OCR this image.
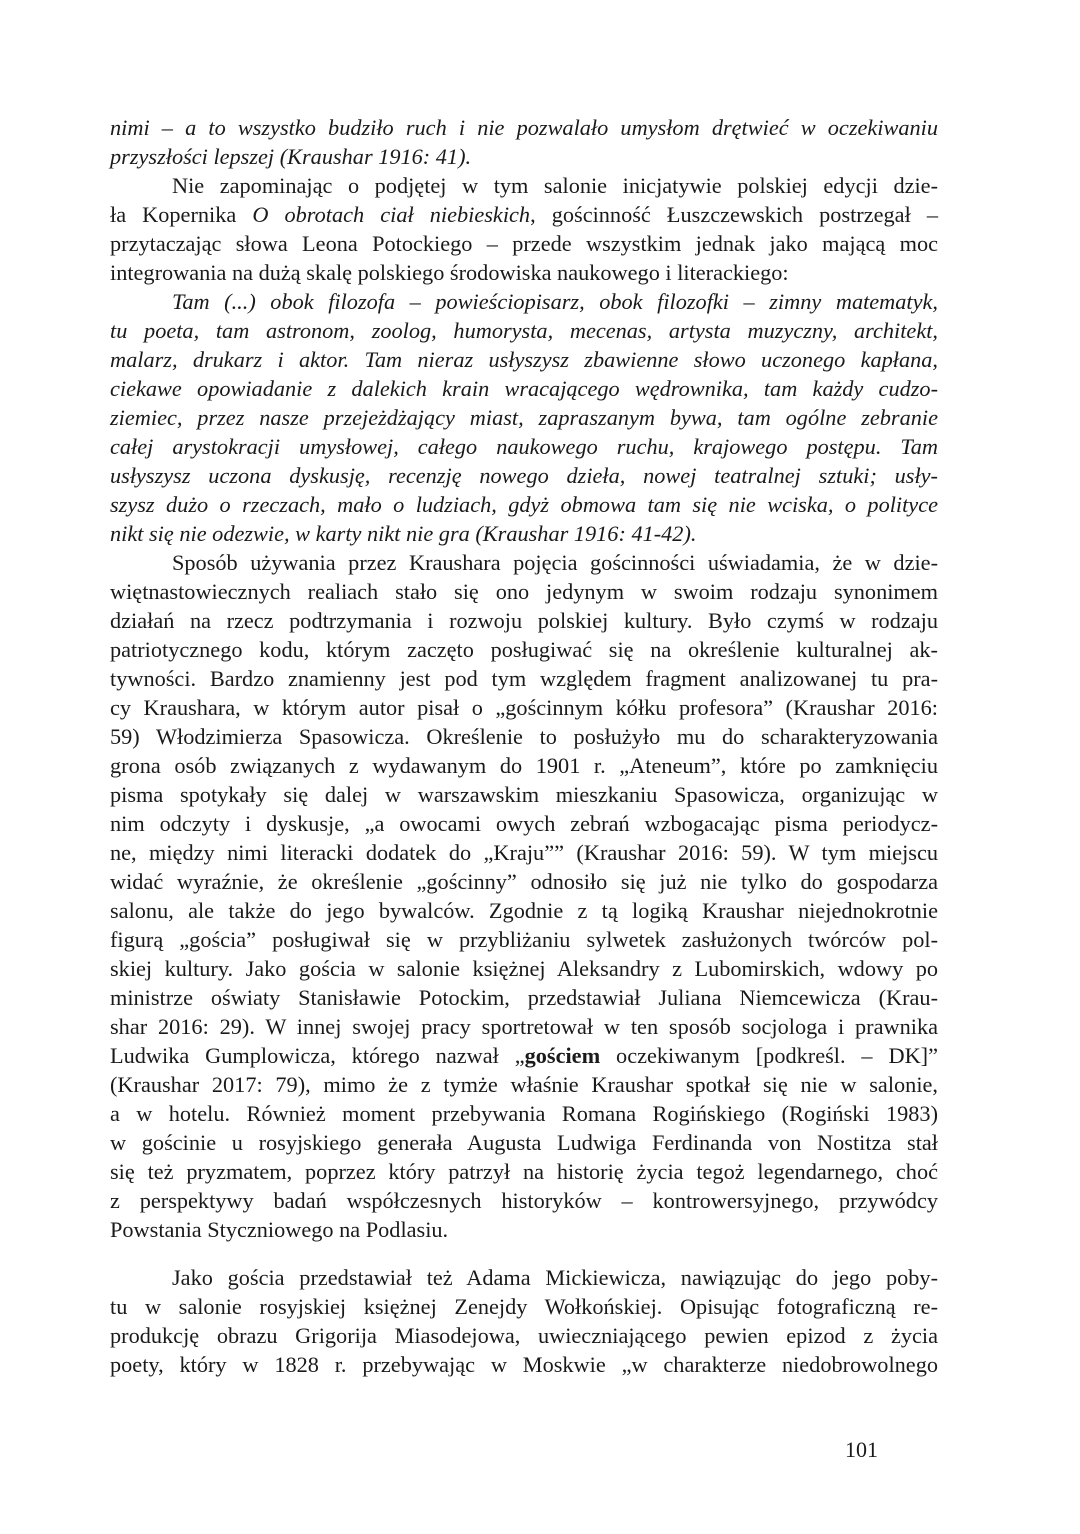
nimi – a to wszystko budziło ruch i nie pozwalało umysłom drętwieć w oczekiwaniu
przyszłości lepszej (Kraushar 1916: 41).
Nie zapominając o podjętej w tym salonie inicjatywie polskiej edycji dzie-
ła Kopernika O obrotach ciał niebieskich, gościnność Łuszczewskich postrzegał –
przytaczając słowa Leona Potockiego – przede wszystkim jednak jako mającą moc
integrowania na dużą skalę polskiego środowiska naukowego i literackiego:
Tam (...) obok filozofa – powieściopisarz, obok filozofki – zimny matematyk,
tu poeta, tam astronom, zoolog, humorysta, mecenas, artysta muzyczny, architekt,
malarz, drukarz i aktor. Tam nieraz usłyszysz zbawienne słowo uczonego kapłana,
ciekawe opowiadanie z dalekich krain wracającego wędrownika, tam każdy cudzo-
ziemiec, przez nasze przejeżdżający miast, zapraszanym bywa, tam ogólne zebranie
całej arystokracji umysłowej, całego naukowego ruchu, krajowego postępu. Tam
usłyszysz uczona dyskusję, recenzję nowego dzieła, nowej teatralnej sztuki; usły-
szysz dużo o rzeczach, mało o ludziach, gdyż obmowa tam się nie wciska, o polityce
nikt się nie odezwie, w karty nikt nie gra (Kraushar 1916: 41-42).
Sposób używania przez Kraushara pojęcia gościnności uświadamia, że w dzie-
więtnastowiecznych realiach stało się ono jedynym w swoim rodzaju synonimem
działań na rzecz podtrzymania i rozwoju polskiej kultury. Było czymś w rodzaju
patriotycznego kodu, którym zaczęto posługiwać się na określenie kulturalnej ak-
tywności. Bardzo znamienny jest pod tym względem fragment analizowanej tu pra-
cy Kraushara, w którym autor pisał o „gościnnym kółku profesora” (Kraushar 2016:
59) Włodzimierza Spasowicza. Określenie to posłużyło mu do scharakteryzowania
grona osób związanych z wydawanym do 1901 r. „Ateneum”, które po zamknięciu
pisma spotykały się dalej w warszawskim mieszkaniu Spasowicza, organizując w
nim odczyty i dyskusje, „a owocami owych zebrań wzbogacając pisma periodycz-
ne, między nimi literacki dodatek do „Kraju”” (Kraushar 2016: 59). W tym miejscu
widać wyraźnie, że określenie „gościnny” odnosiło się już nie tylko do gospodarza
salonu, ale także do jego bywalców. Zgodnie z tą logiką Kraushar niejednokrotnie
figurą „gościa” posługiwał się w przybliżaniu sylwetek zasłużonych twórców pol-
skiej kultury. Jako gościa w salonie księżnej Aleksandry z Lubomirskich, wdowy po
ministrze oświaty Stanisławie Potockim, przedstawiał Juliana Niemcewicza (Krau-
shar 2016: 29). W innej swojej pracy sportretował w ten sposób socjologa i prawnika
Ludwika Gumplowicza, którego nazwał „gościem oczekiwanym [podkreśl. – DK]”
(Kraushar 2017: 79), mimo że z tymże właśnie Kraushar spotkał się nie w salonie,
a w hotelu. Również moment przebywania Romana Rogińskiego (Rogiński 1983)
w gościnie u rosyjskiego generała Augusta Ludwiga Ferdinanda von Nostitza stał
się też pryzmatem, poprzez który patrzył na historię życia tegoż legendarnego, choć
z perspektywy badań współczesnych historyków – kontrowersyjnego, przywódcy
Powstania Styczniowego na Podlasiu.
Jako gościa przedstawiał też Adama Mickiewicza, nawiązując do jego poby-
tu w salonie rosyjskiej księżnej Zenejdy Wołkońskiej. Opisując fotograficzną re-
produkcję obrazu Grigorija Miasodejowa, uwieczniającego pewien epizod z życia
poety, który w 1828 r. przebywając w Moskwie „w charakterze niedobrowolnego
101
